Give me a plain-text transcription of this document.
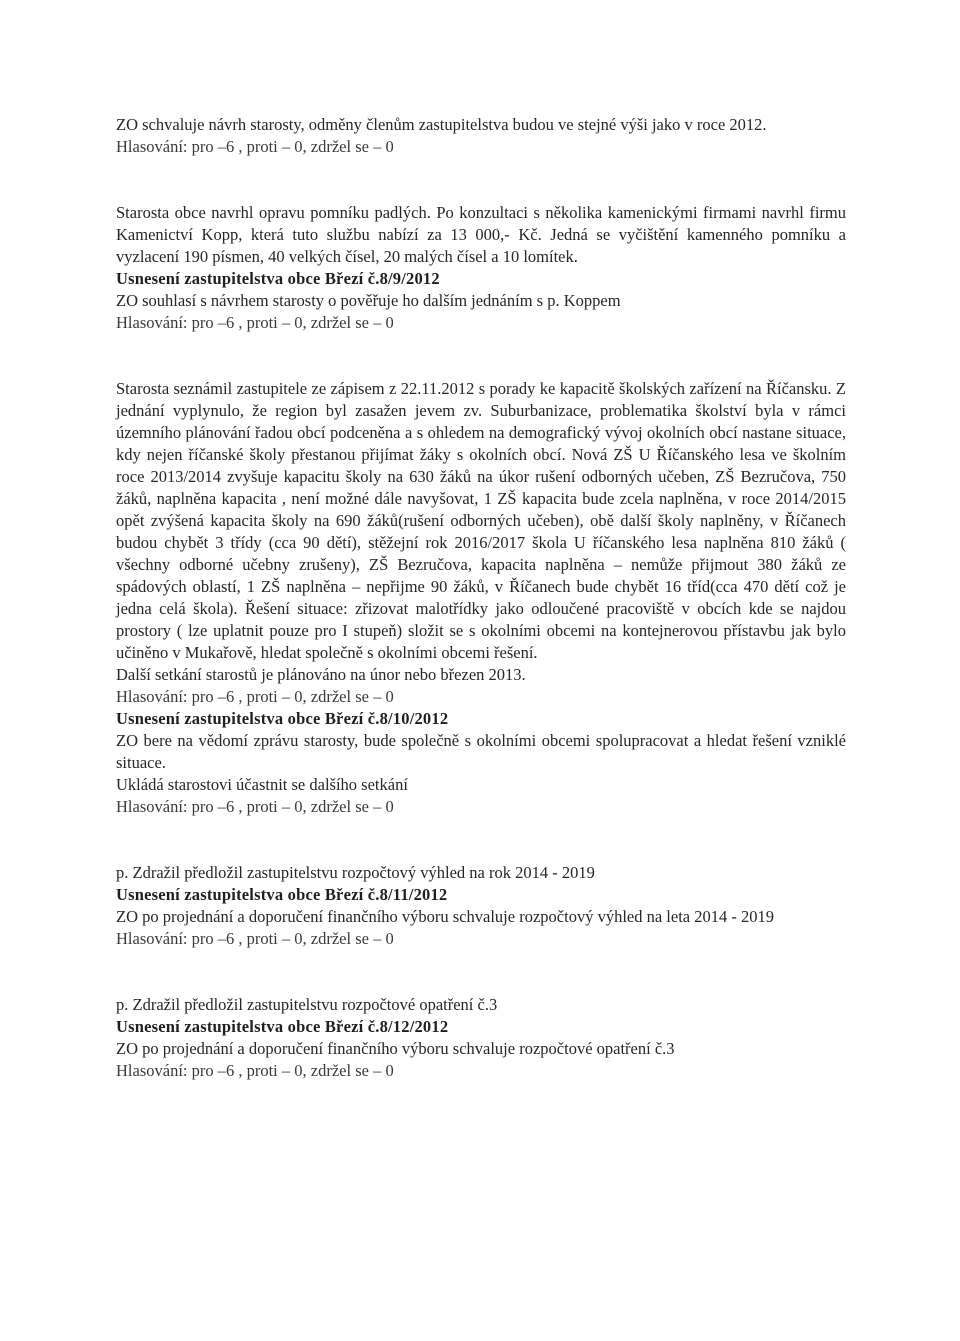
ZO schvaluje návrh starosty, odměny členům zastupitelstva budou ve stejné výši jako v roce 2012.

Hlasování: pro –6 , proti – 0, zdržel se – 0

Starosta obce navrhl opravu pomníku padlých. Po konzultaci s několika kamenickými firmami navrhl firmu Kamenictví Kopp, která tuto službu nabízí za 13 000,- Kč. Jedná se vyčištění kamenného pomníku a vyzlacení 190 písmen, 40 velkých čísel, 20 malých čísel a 10 lomítek.

Usnesení zastupitelstva obce Březí č.8/9/2012

ZO souhlasí s návrhem starosty o pověřuje ho dalším jednáním s p. Koppem

Hlasování: pro –6 , proti – 0, zdržel se – 0

Starosta seznámil zastupitele ze zápisem z 22.11.2012 s porady ke kapacitě školských zařízení na Říčansku. Z jednání vyplynulo, že region byl zasažen jevem zv. Suburbanizace, problematika školství byla v rámci územního plánování řadou obcí podceněna a s ohledem na demografický vývoj okolních obcí nastane situace, kdy nejen říčanské školy přestanou přijímat žáky s okolních obcí. Nová ZŠ U Říčanského lesa ve školním roce 2013/2014 zvyšuje kapacitu školy na 630 žáků na úkor rušení odborných učeben, ZŠ Bezručova, 750 žáků, naplněna kapacita , není možné dále navyšovat, 1 ZŠ kapacita bude zcela naplněna, v roce 2014/2015 opět zvýšená kapacita školy na 690 žáků(rušení odborných učeben), obě další školy naplněny, v Říčanech budou chybět 3 třídy (cca 90 dětí), stěžejní rok 2016/2017 škola U říčanského lesa naplněna 810 žáků ( všechny odborné učebny zrušeny), ZŠ Bezručova, kapacita naplněna – nemůže přijmout 380 žáků ze spádových oblastí, 1 ZŠ naplněna – nepřijme 90 žáků, v Říčanech bude chybět 16 tříd(cca 470 dětí což je jedna celá škola). Řešení situace: zřizovat malotřídky jako odloučené pracoviště v obcích kde se najdou prostory ( lze uplatnit pouze pro I stupeň) složit se s okolními obcemi na kontejnerovou přístavbu jak bylo učiněno v Mukařově, hledat společně s okolními obcemi řešení.

Další setkání starostů je plánováno na únor nebo březen 2013.

Hlasování: pro –6 , proti – 0, zdržel se – 0

Usnesení zastupitelstva obce Březí č.8/10/2012

ZO bere na vědomí zprávu starosty, bude společně s okolními obcemi spolupracovat a hledat řešení vzniklé situace.

Ukládá starostovi účastnit se dalšího setkání

Hlasování: pro –6 , proti – 0, zdržel se – 0

p. Zdražil předložil zastupitelstvu rozpočtový výhled na rok 2014 - 2019

Usnesení zastupitelstva obce Březí č.8/11/2012

ZO po projednání a doporučení finančního výboru schvaluje rozpočtový výhled na leta 2014 - 2019

Hlasování: pro –6 , proti – 0, zdržel se – 0

p. Zdražil předložil zastupitelstvu rozpočtové opatření č.3

Usnesení zastupitelstva obce Březí č.8/12/2012

ZO po projednání a doporučení finančního výboru schvaluje rozpočtové opatření č.3

Hlasování: pro –6 , proti – 0, zdržel se – 0
